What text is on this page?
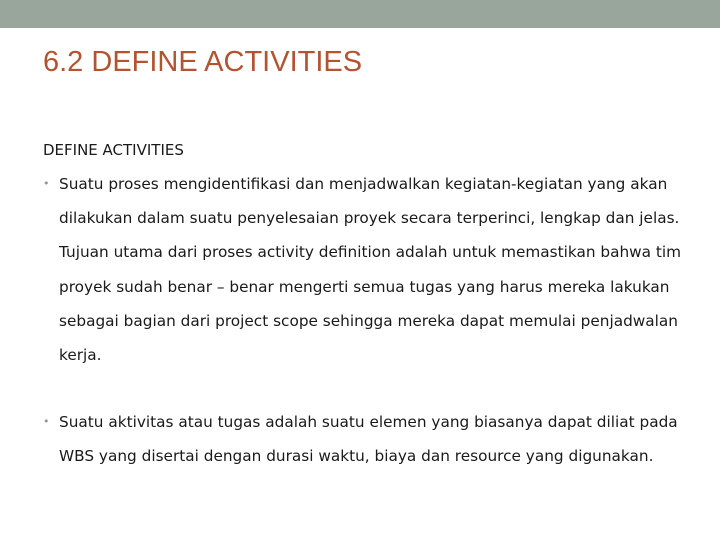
6.2 DEFINE ACTIVITIES
DEFINE ACTIVITIES

• Suatu proses mengidentifikasi dan menjadwalkan kegiatan-kegiatan yang akan dilakukan dalam suatu penyelesaian proyek secara terperinci, lengkap dan jelas. Tujuan utama dari proses activity definition adalah untuk memastikan bahwa tim proyek sudah benar – benar mengerti semua tugas yang harus mereka lakukan sebagai bagian dari project scope sehingga mereka dapat memulai penjadwalan kerja.

• Suatu aktivitas atau tugas adalah suatu elemen yang biasanya dapat diliat pada WBS yang disertai dengan durasi waktu, biaya dan resource yang digunakan.
